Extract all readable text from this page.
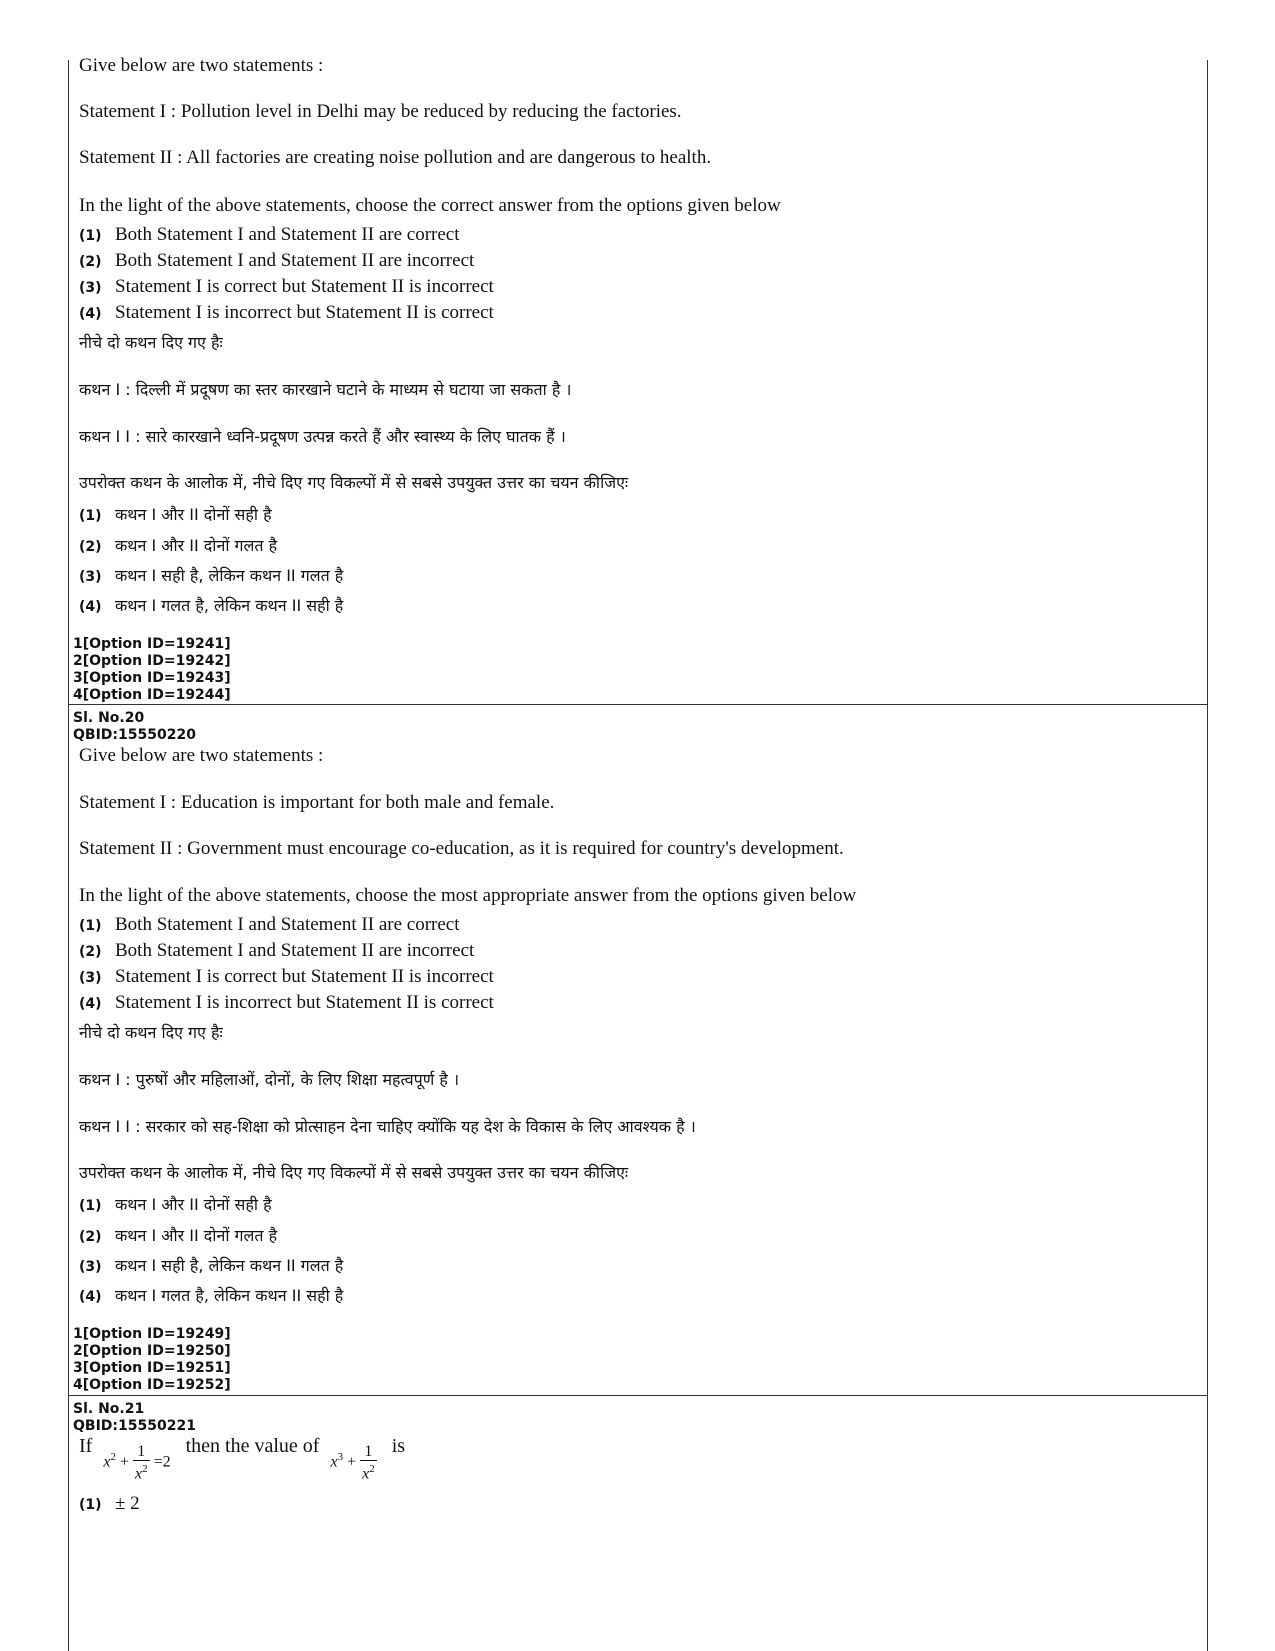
Give below are two statements :
Statement I : Pollution level in Delhi may be reduced by reducing the factories.
Statement II : All factories are creating noise pollution and are dangerous to health.
In the light of the above statements, choose the correct answer from the options given below
(1) Both Statement I and Statement II are correct
(2) Both Statement I and Statement II are incorrect
(3) Statement I is correct but Statement II is incorrect
(4) Statement I is incorrect but Statement II is correct
नीचे दो कथन दिए गए हैः
कथन I : दिल्ली में प्रदूषण का स्तर कारखाने घटाने के माध्यम से घटाया जा सकता है ।
कथन I I : सारे कारखाने ध्वनि-प्रदूषण उत्पन्न करते हैं और स्वास्थ्य के लिए घातक हैं ।
उपरोक्त कथन के आलोक में, नीचे दिए गए विकल्पों में से सबसे उपयुक्त उत्तर का चयन कीजिएः
(1) कथन I और II दोनों सही है
(2) कथन I और II दोनों गलत है
(3) कथन I सही है, लेकिन कथन II गलत है
(4) कथन I गलत है, लेकिन कथन II सही है
1[Option ID=19241]
2[Option ID=19242]
3[Option ID=19243]
4[Option ID=19244]
Sl. No.20
QBID:15550220
Give below are two statements :
Statement I : Education is important for both male and female.
Statement II : Government must encourage co-education, as it is required for country's development.
In the light of the above statements, choose the most appropriate answer from the options given below
(1) Both Statement I and Statement II are correct
(2) Both Statement I and Statement II are incorrect
(3) Statement I is correct but Statement II is incorrect
(4) Statement I is incorrect but Statement II is correct
नीचे दो कथन दिए गए हैः
कथन I : पुरुषों और महिलाओं, दोनों, के लिए शिक्षा महत्वपूर्ण है ।
कथन I I : सरकार को सह-शिक्षा को प्रोत्साहन देना चाहिए क्योंकि यह देश के विकास के लिए आवश्यक है ।
उपरोक्त कथन के आलोक में, नीचे दिए गए विकल्पों में से सबसे उपयुक्त उत्तर का चयन कीजिएः
(1) कथन I और II दोनों सही है
(2) कथन I और II दोनों गलत है
(3) कथन I सही है, लेकिन कथन II गलत है
(4) कथन I गलत है, लेकिन कथन II सही है
1[Option ID=19249]
2[Option ID=19250]
3[Option ID=19251]
4[Option ID=19252]
Sl. No.21
QBID:15550221
If $x^2 + \frac{1}{x^2} =2$ then the value of $x^3 + \frac{1}{x^2}$ is
(1) ± 2
